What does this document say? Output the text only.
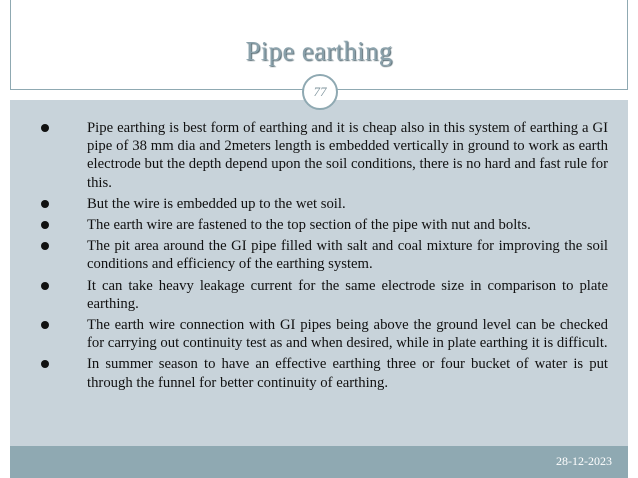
Pipe earthing
77
Pipe earthing is best form of earthing and it is cheap also in this system of earthing a GI pipe of 38 mm dia and 2meters length is embedded vertically in ground to work as earth electrode but the depth depend upon the soil conditions, there is no hard and fast rule for this.
But the wire is embedded up to the wet soil.
The earth wire are fastened to the top section of the pipe with nut and bolts.
The pit area around the GI pipe filled with salt and coal mixture for improving the soil conditions and efficiency of the earthing system.
It can take heavy leakage current for the same electrode size in comparison to plate earthing.
The earth wire connection with GI pipes being above the ground level can be checked for carrying out continuity test as and when desired, while in plate earthing it is difficult.
In summer season to have an effective earthing three or four bucket of water is put through the funnel for better continuity of earthing.
28-12-2023
